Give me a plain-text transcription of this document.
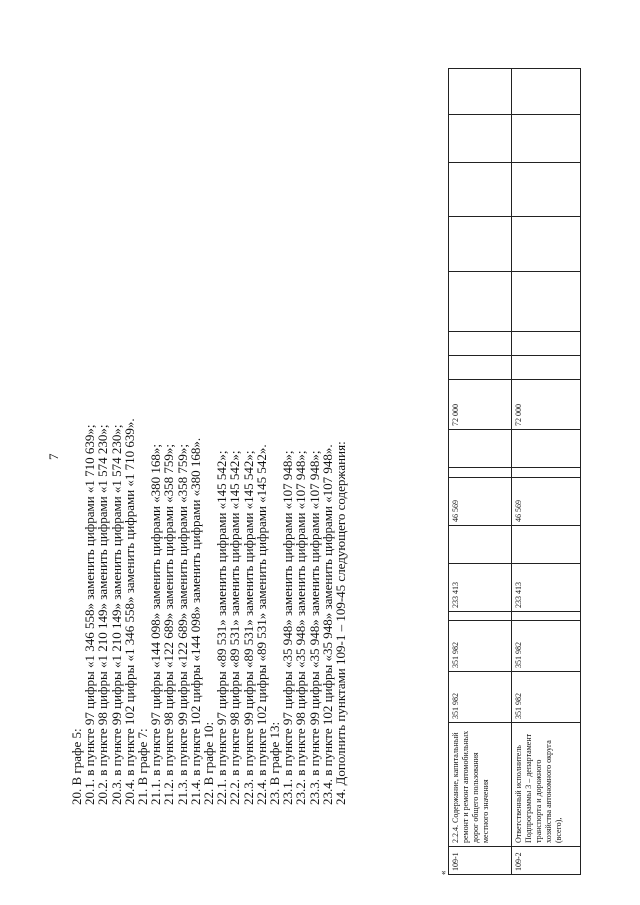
7
20. В графе 5:
20.1. в пункте 97 цифры «1 346 558» заменить цифрами «1 710 639»;
20.2. в пункте 98 цифры «1 210 149» заменить цифрами «1 574 230»;
20.3. в пункте 99 цифры «1 210 149» заменить цифрами «1 574 230»;
20.4. в пункте 102 цифры «1 346 558» заменить цифрами «1 710 639».
21. В графе 7:
21.1. в пункте 97 цифры «144 098» заменить цифрами «380 168»;
21.2. в пункте 98 цифры «122 689» заменить цифрами «358 759»;
21.3. в пункте 99 цифры «122 689» заменить цифрами «358 759»;
21.4. в пункте 102 цифры «144 098» заменить цифрами «380 168».
22. В графе 10:
22.1. в пункте 97 цифры «89 531» заменить цифрами «145 542»;
22.2. в пункте 98 цифры «89 531» заменить цифрами «145 542»;
22.3. в пункте 99 цифры «89 531» заменить цифрами «145 542»;
22.4. в пункте 102 цифры «89 531» заменить цифрами «145 542».
23. В графе 13:
23.1. в пункте 97 цифры «35 948» заменить цифрами «107 948»;
23.2. в пункте 98 цифры «35 948» заменить цифрами «107 948»;
23.3. в пункте 99 цифры «35 948» заменить цифрами «107 948»;
23.4. в пункте 102 цифры «35 948» заменить цифрами «107 948».
24. Дополнить пунктами 109-1 – 109-45 следующего содержания:
«
109-1	2.2.4. Содержание, капитальный ремонт и ремонт автомобильных дорог общего пользования местного значения	351 982	351 982		233 413		46 569			72 000							
109-2	Ответственный исполнитель Подпрограммы 3 – департамент транспорта и дорожного хозяйства автономного округа (всего),	351 982	351 982		233 413		46 569			72 000							
